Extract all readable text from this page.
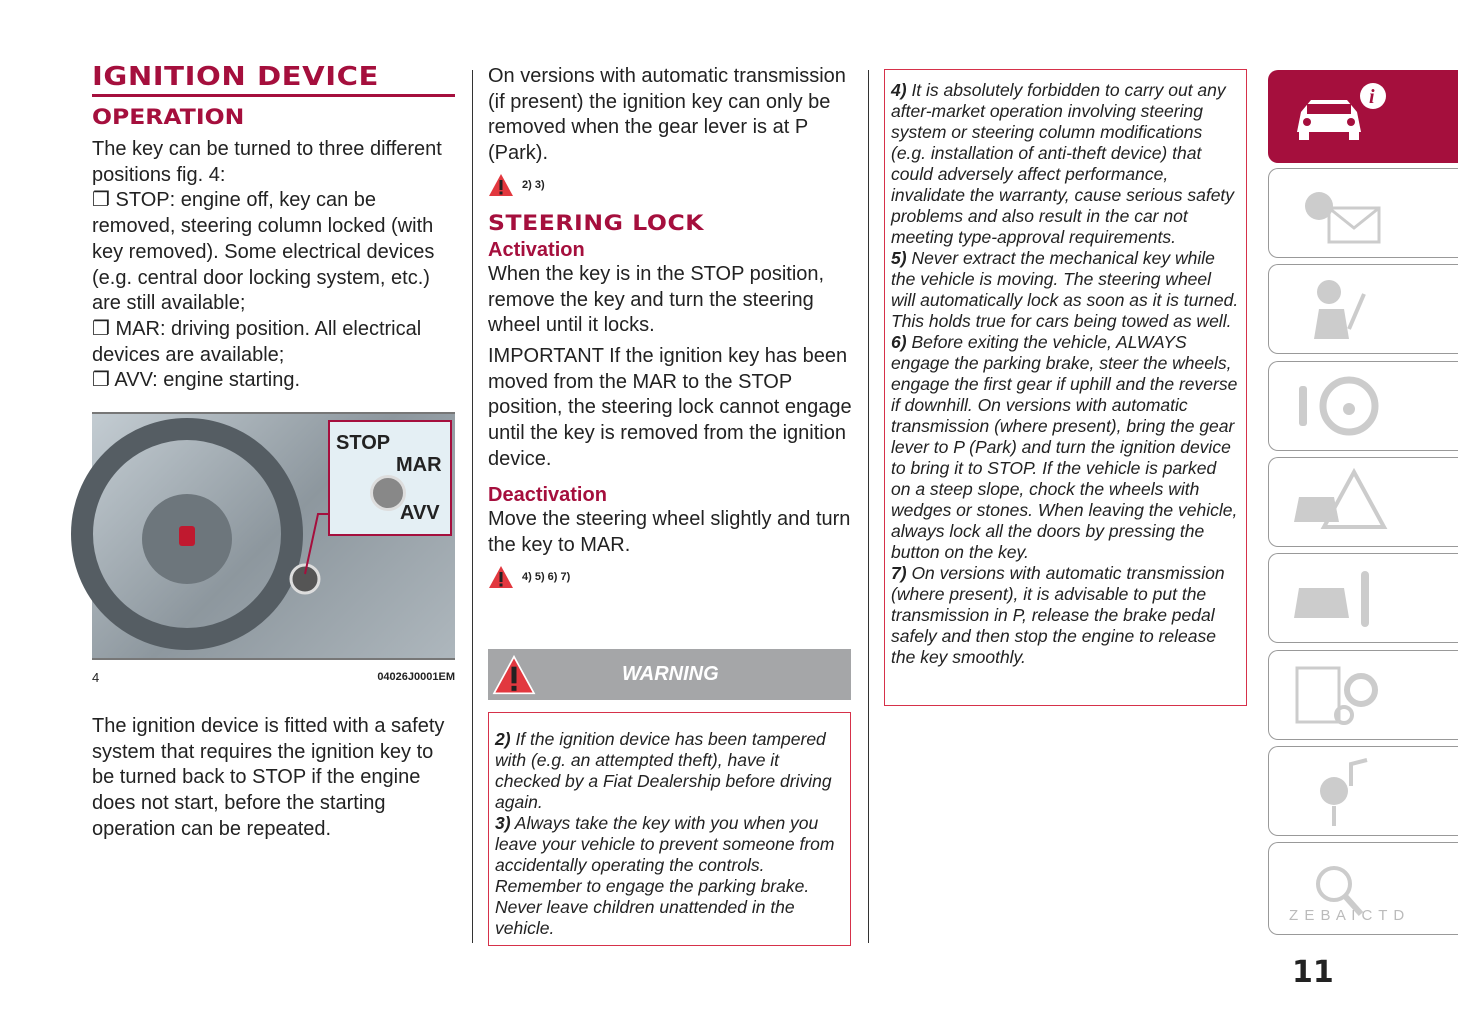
IGNITION DEVICE
OPERATION
The key can be turned to three different positions fig. 4:
❐ STOP: engine off, key can be removed, steering column locked (with key removed). Some electrical devices (e.g. central door locking system, etc.) are still available;
❐ MAR: driving position. All electrical devices are available;
❐ AVV: engine starting.
STOP
MAR
AVV
4	04026J0001EM
The ignition device is fitted with a safety system that requires the ignition key to be turned back to STOP if the engine does not start, before the starting operation can be repeated.
On versions with automatic transmission (if present) the ignition key can only be removed when the gear lever is at P (Park).
2) 3)
STEERING LOCK
Activation
When the key is in the STOP position, remove the key and turn the steering wheel until it locks.
IMPORTANT If the ignition key has been moved from the MAR to the STOP position, the steering lock cannot engage until the key is removed from the ignition device.
Deactivation
Move the steering wheel slightly and turn the key to MAR.
4) 5) 6) 7)
WARNING
2) If the ignition device has been tampered with (e.g. an attempted theft), have it checked by a Fiat Dealership before driving again.
3) Always take the key with you when you leave your vehicle to prevent someone from accidentally operating the controls. Remember to engage the parking brake. Never leave children unattended in the vehicle.
4) It is absolutely forbidden to carry out any after-market operation involving steering system or steering column modifications (e.g. installation of anti-theft device) that could adversely affect performance, invalidate the warranty, cause serious safety problems and also result in the car not meeting type-approval requirements.
5) Never extract the mechanical key while the vehicle is moving. The steering wheel will automatically lock as soon as it is turned. This holds true for cars being towed as well.
6) Before exiting the vehicle, ALWAYS engage the parking brake, steer the wheels, engage the first gear if uphill and the reverse if downhill. On versions with automatic transmission (where present), bring the gear lever to P (Park) and turn the ignition device to bring it to STOP. If the vehicle is parked on a steep slope, chock the wheels with wedges or stones. When leaving the vehicle, always lock all the doors by pressing the button on the key.
7) On versions with automatic transmission (where present), it is advisable to put the transmission in P, release the brake pedal safely and then stop the engine to release the key smoothly.
i
Z E B A I C T D
11
